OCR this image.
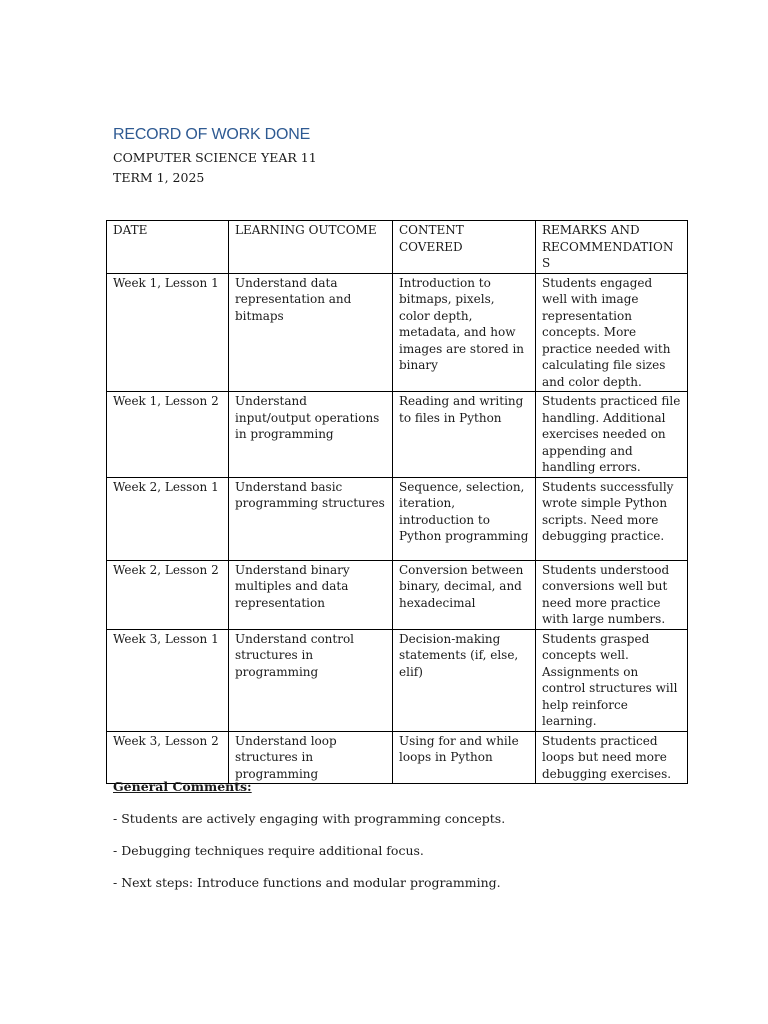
RECORD OF WORK DONE
COMPUTER SCIENCE YEAR 11
TERM 1, 2025
DATE	LEARNING OUTCOME	CONTENT COVERED	REMARKS AND RECOMMENDATIONS
Week 1, Lesson 1	Understand data representation and bitmaps	Introduction to bitmaps, pixels, color depth, metadata, and how images are stored in binary	Students engaged well with image representation concepts. More practice needed with calculating file sizes and color depth.
Week 1, Lesson 2	Understand input/output operations in programming	Reading and writing to files in Python	Students practiced file handling. Additional exercises needed on appending and handling errors.
Week 2, Lesson 1	Understand basic programming structures	Sequence, selection, iteration, introduction to Python programming	Students successfully wrote simple Python scripts. Need more debugging practice.
Week 2, Lesson 2	Understand binary multiples and data representation	Conversion between binary, decimal, and hexadecimal	Students understood conversions well but need more practice with large numbers.
Week 3, Lesson 1	Understand control structures in programming	Decision-making statements (if, else, elif)	Students grasped concepts well. Assignments on control structures will help reinforce learning.
Week 3, Lesson 2	Understand loop structures in programming	Using for and while loops in Python	Students practiced loops but need more debugging exercises.
General Comments:
- Students are actively engaging with programming concepts.
- Debugging techniques require additional focus.
- Next steps: Introduce functions and modular programming.
